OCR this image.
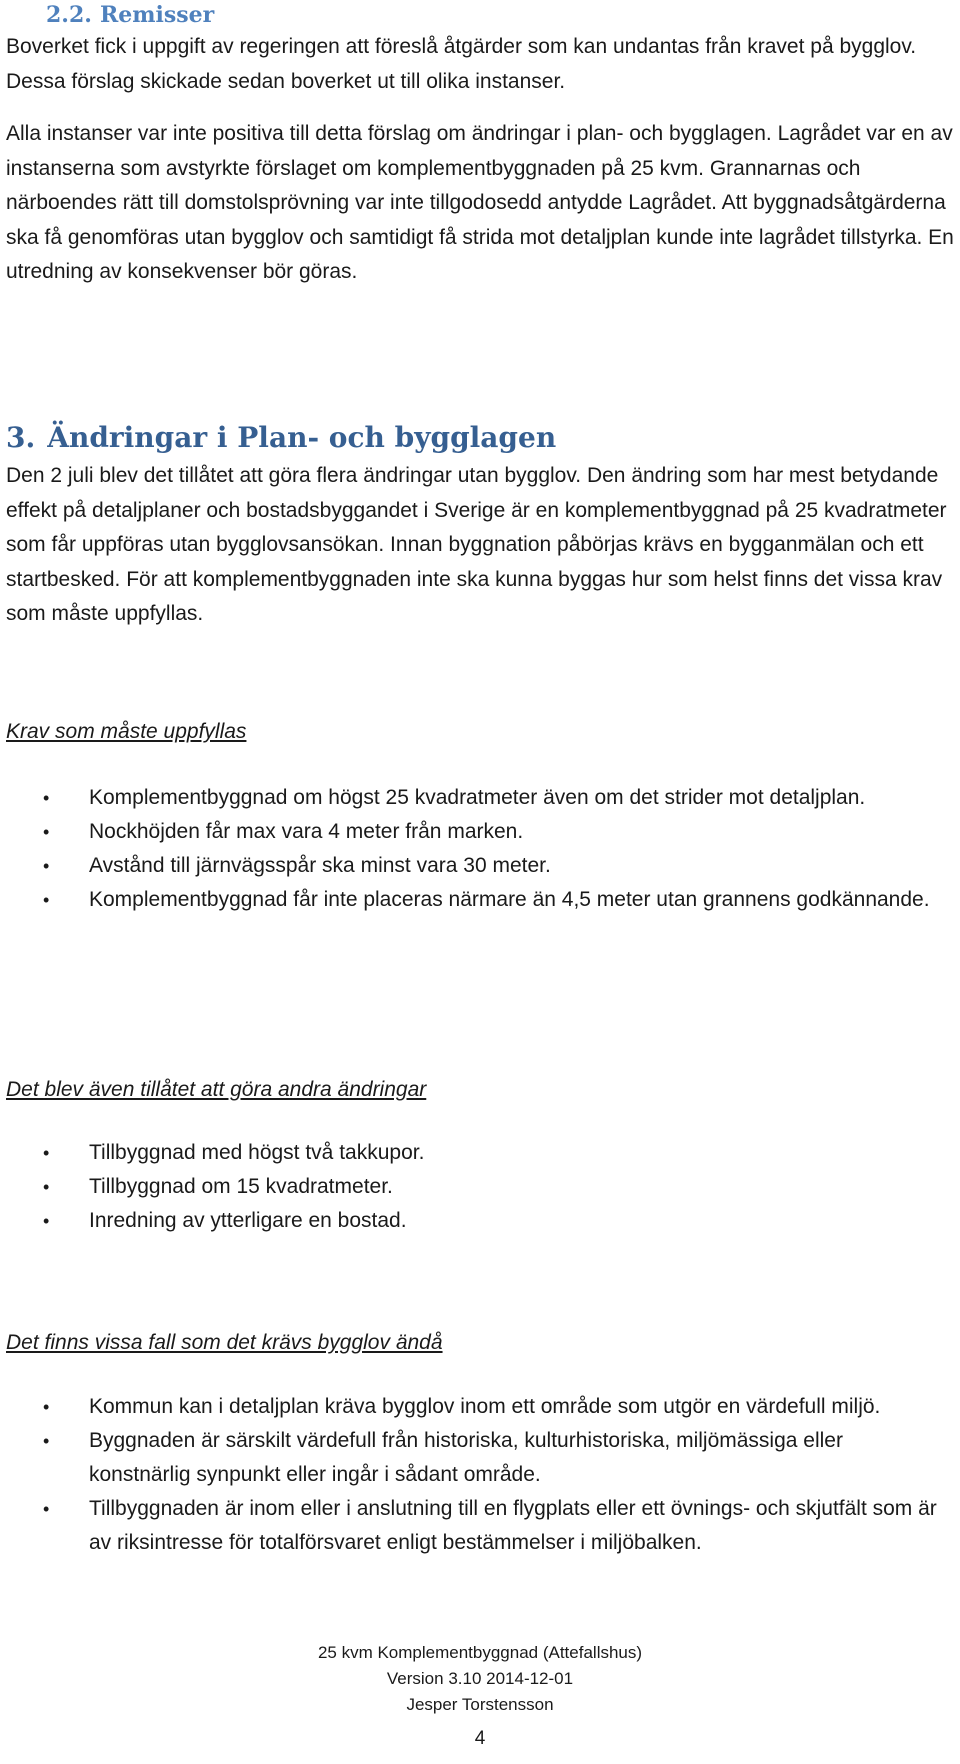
2.2. Remisser

Boverket fick i uppgift av regeringen att föreslå åtgärder som kan undantas från kravet på bygglov. Dessa förslag skickade sedan boverket ut till olika instanser.

Alla instanser var inte positiva till detta förslag om ändringar i plan- och bygglagen. Lagrådet var en av instanserna som avstyrkte förslaget om komplementbyggnaden på 25 kvm. Grannarnas och närboendes rätt till domstolsprövning var inte tillgodosedd antydde Lagrådet. Att byggnadsåtgärderna ska få genomföras utan bygglov och samtidigt få strida mot detaljplan kunde inte lagrådet tillstyrka. En utredning av konsekvenser bör göras.

3. Ändringar i Plan- och bygglagen

Den 2 juli blev det tillåtet att göra flera ändringar utan bygglov. Den ändring som har mest betydande effekt på detaljplaner och bostadsbyggandet i Sverige är en komplementbyggnad på 25 kvadratmeter som får uppföras utan bygglovsansökan. Innan byggnation påbörjas krävs en bygganmälan och ett startbesked. För att komplementbyggnaden inte ska kunna byggas hur som helst finns det vissa krav som måste uppfyllas.

Krav som måste uppfyllas

• Komplementbyggnad om högst 25 kvadratmeter även om det strider mot detaljplan.
• Nockhöjden får max vara 4 meter från marken.
• Avstånd till järnvägsspår ska minst vara 30 meter.
• Komplementbyggnad får inte placeras närmare än 4,5 meter utan grannens godkännande.

Det blev även tillåtet att göra andra ändringar

• Tillbyggnad med högst två takkupor.
• Tillbyggnad om 15 kvadratmeter.
• Inredning av ytterligare en bostad.

Det finns vissa fall som det krävs bygglov ändå

• Kommun kan i detaljplan kräva bygglov inom ett område som utgör en värdefull miljö.
• Byggnaden är särskilt värdefull från historiska, kulturhistoriska, miljömässiga eller konstnärlig synpunkt eller ingår i sådant område.
• Tillbyggnaden är inom eller i anslutning till en flygplats eller ett övnings- och skjutfält som är av riksintresse för totalförsvaret enligt bestämmelser i miljöbalken.
25 kvm Komplementbyggnad (Attefallshus)
Version 3.10 2014-12-01
Jesper Torstensson
4
